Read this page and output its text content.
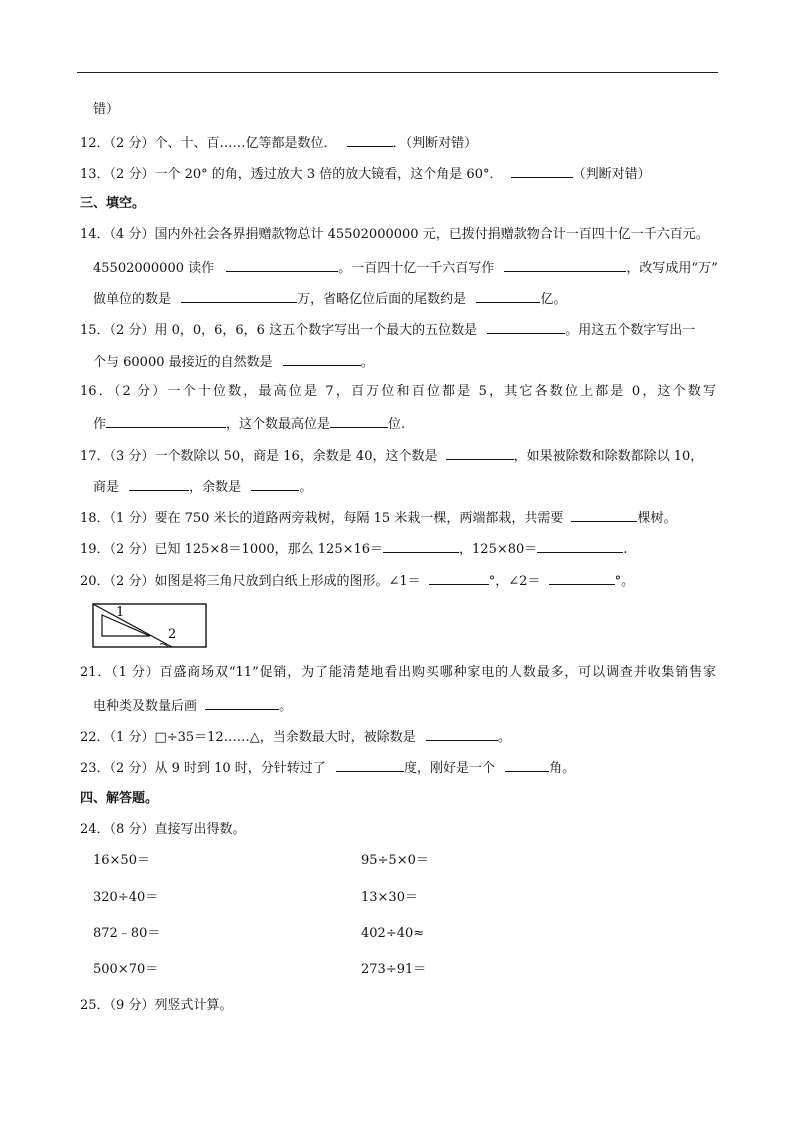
错）
12．（2 分）个、十、百……亿等都是数位．	．（判断对错）
13．（2 分）一个 20° 的角，透过放大 3 倍的放大镜看，这个角是 60°．	（判断对错）
三、填空。
14．（4 分）国内外社会各界捐赠款物总计 45502000000 元，已拨付捐赠款物合计一百四十亿一千六百元。
45502000000 读作	。一百四十亿一千六百写作	，改写成用“万”
做单位的数是	万，省略亿位后面的尾数约是	亿。
15．（2 分）用 0，0，6，6，6 这五个数字写出一个最大的五位数是	。用这五个数字写出一
个与 60000 最接近的自然数是	。
16．（2 分）一个十位数，最高位是 7，百万位和百位都是 5，其它各数位上都是 0，这个数写
作	，这个数最高位是	位.
17．（3 分）一个数除以 50，商是 16，余数是 40，这个数是	，如果被除数和除数都除以 10，
商是	，余数是	。
18．（1 分）要在 750 米长的道路两旁栽树，每隔 15 米栽一棵，两端都栽，共需要	棵树。
19．（2 分）已知 125×8＝1000，那么 125×16＝	，125×80＝	.
20．（2 分）如图是将三角尺放到白纸上形成的图形。∠1＝	°，∠2＝	°。
1
2
21．（1 分）百盛商场双“11”促销，为了能清楚地看出购买哪种家电的人数最多，可以调查并收集销售家
电种类及数量后画	。
22．（1 分）□÷35＝12……△，当余数最大时，被除数是	。
23．（2 分）从 9 时到 10 时，分针转过了	度，刚好是一个	角。
四、解答题。
24．（8 分）直接写出得数。
16×50＝	95÷5×0＝
320÷40＝	13×30＝
872﹣80＝	402÷40≈
500×70＝	273÷91＝
25．（9 分）列竖式计算。
